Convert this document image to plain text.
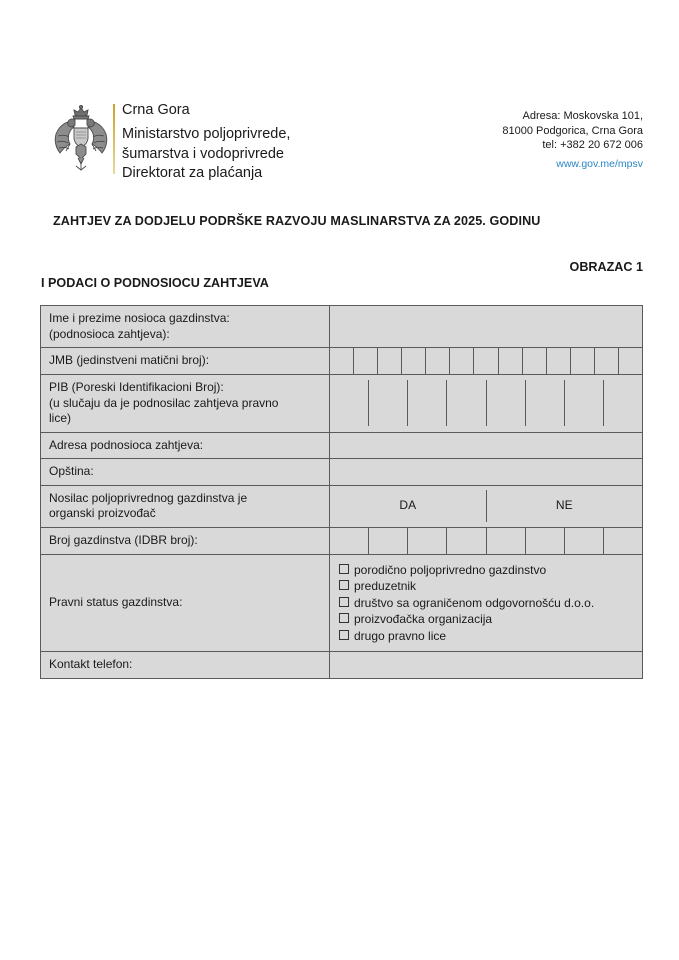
Crna Gora
Ministarstvo poljoprivrede,
šumarstva i vodoprivrede
Direktorat za plaćanja
Adresa: Moskovska 101,
81000 Podgorica, Crna Gora
tel: +382 20 672 006
www.gov.me/mpsv
ZAHTJEV ZA DODJELU PODRŠKE RAZVOJU MASLINARSTVA ZA 2025. GODINU
OBRAZAC 1
I PODACI O PODNOSIOCU ZAHTJEVA
Ime i prezime nosioca gazdinstva:
(podnosioca zahtjeva):	

JMB (jedinstveni matični broj):	

PIB (Poreski Identifikacioni Broj):
(u slučaju da je podnosilac zahtjeva pravno
lice)	

Adresa podnosioca zahtjeva:	

Opština:	

Nosilac poljoprivrednog gazdinstva je
organski proizvođač

DA	NE

Broj gazdinstva (IDBR broj):	

Pravni status gazdinstva:	porodično poljoprivredno gazdinstvo
preduzetnik
društvo sa ograničenom odgovornošću d.o.o.
proizvođačka organizacija
drugo pravno lice

Kontakt telefon:	
